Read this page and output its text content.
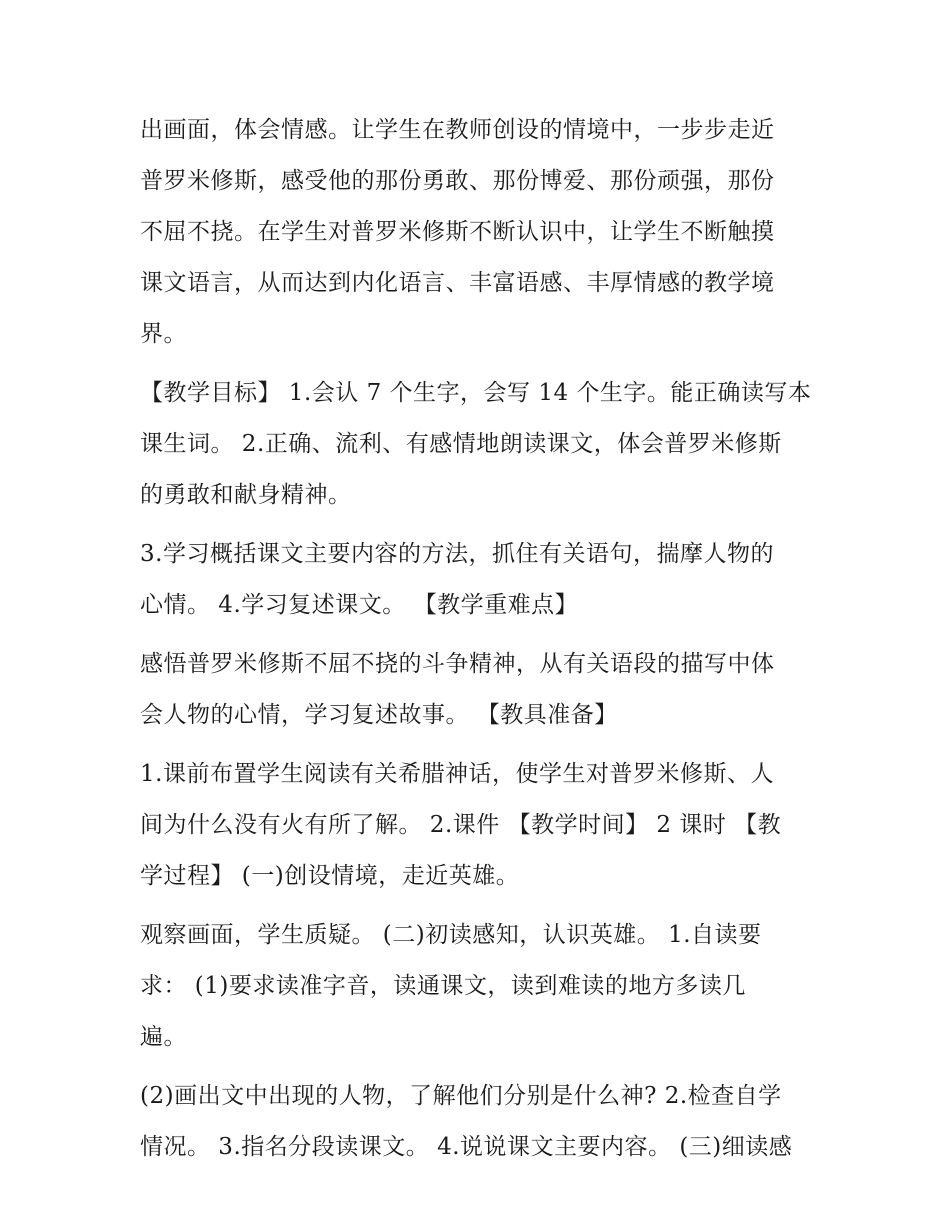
出画面，体会情感。让学生在教师创设的情境中，一步步走近
普罗米修斯，感受他的那份勇敢、那份博爱、那份顽强，那份
不屈不挠。在学生对普罗米修斯不断认识中，让学生不断触摸
课文语言，从而达到内化语言、丰富语感、丰厚情感的教学境
界。
【教学目标】 1.会认 7 个生字，会写 14 个生字。能正确读写本
课生词。 2.正确、流利、有感情地朗读课文，体会普罗米修斯
的勇敢和献身精神。
3.学习概括课文主要内容的方法，抓住有关语句，揣摩人物的
心情。 4.学习复述课文。 【教学重难点】
感悟普罗米修斯不屈不挠的斗争精神，从有关语段的描写中体
会人物的心情，学习复述故事。 【教具准备】
1.课前布置学生阅读有关希腊神话，使学生对普罗米修斯、人
间为什么没有火有所了解。 2.课件 【教学时间】 2 课时 【教
学过程】 (一)创设情境，走近英雄。
观察画面，学生质疑。 (二)初读感知，认识英雄。 1.自读要
求： (1)要求读准字音，读通课文，读到难读的地方多读几
遍。
(2)画出文中出现的人物，了解他们分别是什么神? 2.检查自学
情况。 3.指名分段读课文。 4.说说课文主要内容。 (三)细读感
